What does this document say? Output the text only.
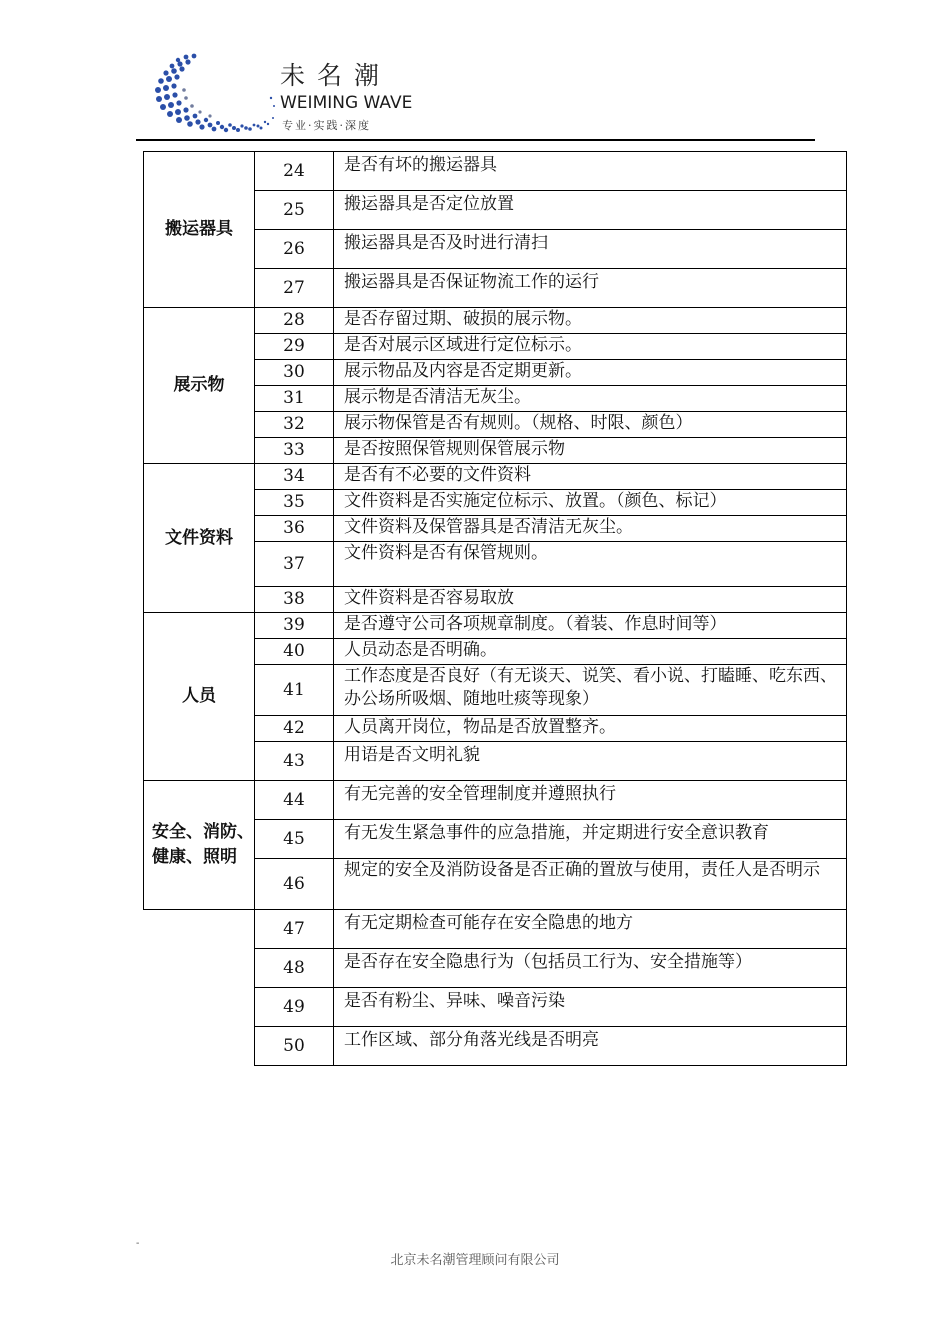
未名潮
WEIMING WAVE
专业·实践·深度
搬运器具	24	是否有坏的搬运器具
	25	搬运器具是否定位放置
	26	搬运器具是否及时进行清扫
	27	搬运器具是否保证物流工作的运行
展示物	28	是否存留过期、破损的展示物。
	29	是否对展示区域进行定位标示。
	30	展示物品及内容是否定期更新。
	31	展示物是否清洁无灰尘。
	32	展示物保管是否有规则。（规格、时限、颜色）
	33	是否按照保管规则保管展示物
文件资料	34	是否有不必要的文件资料
	35	文件资料是否实施定位标示、放置。（颜色、标记）
	36	文件资料及保管器具是否清洁无灰尘。
	37	文件资料是否有保管规则。
	38	文件资料是否容易取放
人员	39	是否遵守公司各项规章制度。（着装、作息时间等）
	40	人员动态是否明确。
	41	工作态度是否良好（有无谈天、说笑、看小说、打瞌睡、吃东西、办公场所吸烟、随地吐痰等现象）
	42	人员离开岗位，物品是否放置整齐。
	43	用语是否文明礼貌
安全、消防、健康、照明	44	有无完善的安全管理制度并遵照执行
	45	有无发生紧急事件的应急措施，并定期进行安全意识教育
	46	规定的安全及消防设备是否正确的置放与使用，责任人是否明示
	47	有无定期检查可能存在安全隐患的地方
	48	是否存在安全隐患行为（包括员工行为、安全措施等）
	49	是否有粉尘、异味、噪音污染
	50	工作区域、部分角落光线是否明亮
-
北京未名潮管理顾问有限公司
